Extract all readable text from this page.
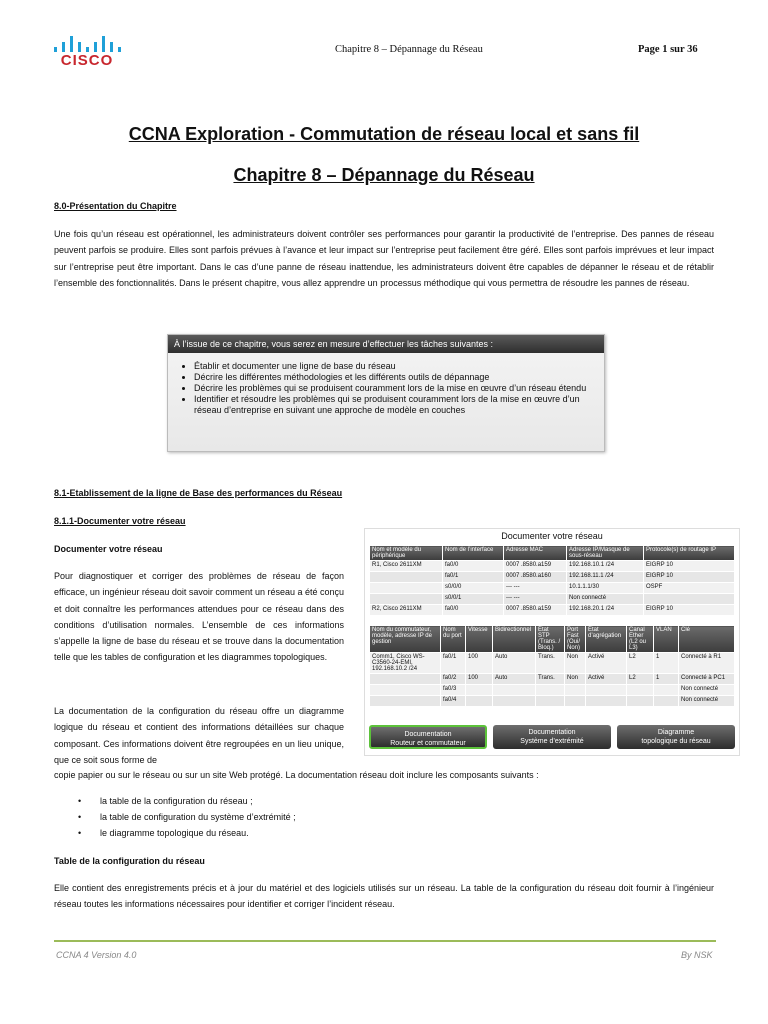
CISCO
Chapitre 8 – Dépannage du Réseau	Page 1 sur 36
CCNA Exploration - Commutation de réseau local et sans fil
Chapitre 8 – Dépannage du Réseau
8.0-Présentation du Chapitre
Une fois qu’un réseau est opérationnel, les administrateurs doivent contrôler ses performances pour garantir la productivité de l’entreprise. Des pannes de réseau peuvent parfois se produire. Elles sont parfois prévues à l’avance et leur impact sur l’entreprise peut facilement être géré. Elles sont parfois imprévues et leur impact sur l’entreprise peut être important. Dans le cas d’une panne de réseau inattendue, les administrateurs doivent être capables de dépanner le réseau et de rétablir l’ensemble des fonctionnalités. Dans le présent chapitre, vous allez apprendre un processus méthodique qui vous permettra de résoudre les pannes de réseau.
À l’issue de ce chapitre, vous serez en mesure d’effectuer les tâches suivantes :
• Établir et documenter une ligne de base du réseau
• Décrire les différentes méthodologies et les différents outils de dépannage
• Décrire les problèmes qui se produisent couramment lors de la mise en œuvre d’un réseau étendu
• Identifier et résoudre les problèmes qui se produisent couramment lors de la mise en œuvre d’un réseau d’entreprise en suivant une approche de modèle en couches
8.1-Etablissement de la ligne de Base des performances du Réseau
8.1.1-Documenter votre réseau
Documenter votre réseau
Pour diagnostiquer et corriger des problèmes de réseau de façon efficace, un ingénieur réseau doit savoir comment un réseau a été conçu et doit connaître les performances attendues pour ce réseau dans des conditions d’utilisation normales. L’ensemble de ces informations s’appelle la ligne de base du réseau et se trouve dans la documentation telle que les tables de configuration et les diagrammes topologiques.
La documentation de la configuration du réseau offre un diagramme logique du réseau et contient des informations détaillées sur chaque composant. Ces informations doivent être regroupées en un lieu unique, que ce soit sous forme de
copie papier ou sur le réseau ou sur un site Web protégé. La documentation réseau doit inclure les composants suivants :
Documenter votre réseau
Nom et modèle du périphérique	Nom de l’interface	Adresse MAC	Adresse IP/Masque de sous-réseau	Protocole(s) de routage IP
R1, Cisco 2611XM	fa0/0	0007 .8580.a159	192.168.10.1 /24	EIGRP 10
	fa0/1	0007 .8580.a160	192.168.11.1 /24	EIGRP 10
	s0/0/0	--- ---	10.1.1.1/30	OSPF
	s0/0/1	--- ---	Non connecté	
R2, Cisco 2611XM	fa0/0	0007 .8580.a159	192.168.20.1 /24	EIGRP 10
Nom du commutateur, modèle, adresse IP de gestion	Nom du port	Vitesse	Bidirectionnel	État STP (Trans. / Bloq.)	Port Fast (Oui/ Non)	État d’agrégation	Canal Ether (L2 ou L3)	VLAN	Clé
Comm1, Cisco WS-C3560-24-EMI, 192.168.10.2 /24	fa0/1	100	Auto	Trans.	Non	Activé	L2	1	Connecté à R1
	fa0/2	100	Auto	Trans.	Non	Activé	L2	1	Connecté à PC1
	fa0/3								Non connecté
	fa0/4								Non connecté
Documentation
Routeur et commutateur
Documentation
Système d’extrémité
Diagramme
topologique du réseau
• la table de la configuration du réseau ;
• la table de configuration du système d’extrémité ;
• le diagramme topologique du réseau.
Table de la configuration du réseau
Elle contient des enregistrements précis et à jour du matériel et des logiciels utilisés sur un réseau. La table de la configuration du réseau doit fournir à l’ingénieur réseau toutes les informations nécessaires pour identifier et corriger l’incident réseau.
CCNA 4 Version 4.0	By NSK
